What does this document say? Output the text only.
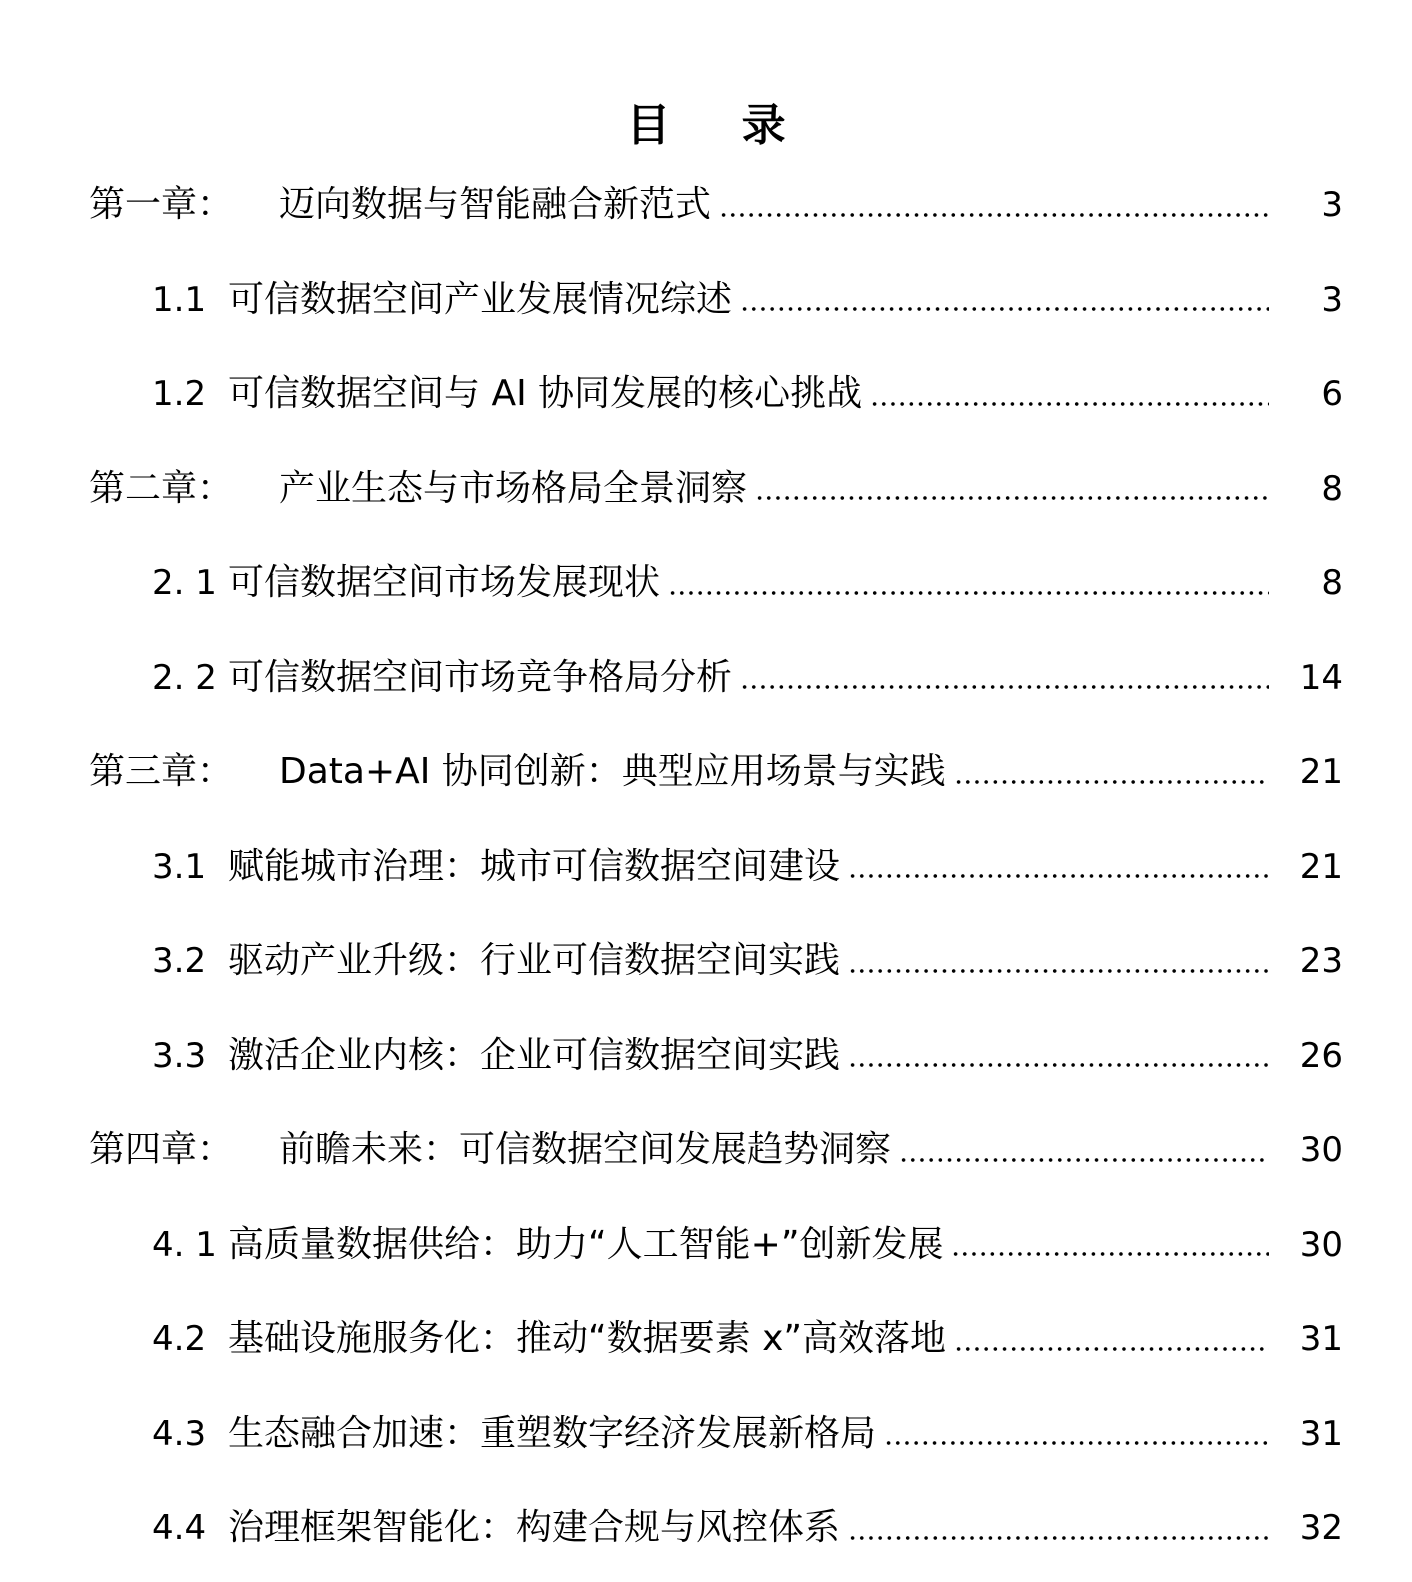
目 录
第一章：	迈向数据与智能融合新范式	3
1.1 可信数据空间产业发展情况综述	3
1.2 可信数据空间与 AI 协同发展的核心挑战	6
第二章：	产业生态与市场格局全景洞察	8
2. 1 可信数据空间市场发展现状	8
2. 2 可信数据空间市场竞争格局分析	14
第三章：	Data+AI 协同创新：典型应用场景与实践	21
3.1 赋能城市治理：城市可信数据空间建设	21
3.2 驱动产业升级：行业可信数据空间实践	23
3.3 激活企业内核：企业可信数据空间实践	26
第四章：	前瞻未来：可信数据空间发展趋势洞察	30
4. 1 高质量数据供给：助力“人工智能+”创新发展	30
4.2 基础设施服务化：推动“数据要素 x”高效落地	31
4.3 生态融合加速：重塑数字经济发展新格局	31
4.4 治理框架智能化：构建合规与风控体系	32
